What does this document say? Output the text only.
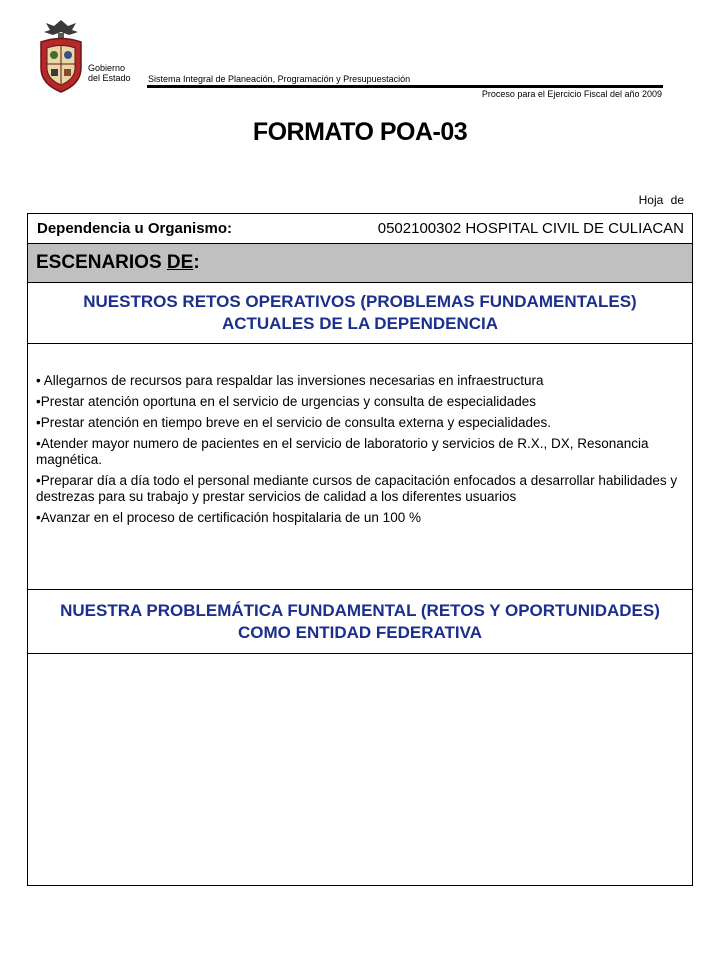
Gobierno
del Estado Sistema Integral de Planeación, Programación y Presupuestación
Proceso para el Ejercicio Fiscal del año 2009
FORMATO POA-03
Hoja de
Dependencia u Organismo:	0502100302 HOSPITAL CIVIL DE CULIACAN
ESCENARIOS DE :
NUESTROS RETOS OPERATIVOS (PROBLEMAS FUNDAMENTALES) ACTUALES DE LA DEPENDENCIA
• Allegarnos de recursos para respaldar las inversiones necesarias en infraestructura
•Prestar atención oportuna en el servicio de urgencias y consulta de especialidades
•Prestar atención en tiempo breve en el servicio de consulta externa y especialidades.
•Atender mayor numero de pacientes en el servicio de laboratorio y servicios de R.X., DX, Resonancia magnética.
•Preparar día a día todo el personal mediante cursos de capacitación enfocados a desarrollar habilidades y destrezas para su trabajo y prestar servicios de calidad a los diferentes usuarios
•Avanzar en el proceso de certificación hospitalaria de un 100 %
NUESTRA PROBLEMÁTICA FUNDAMENTAL (RETOS Y OPORTUNIDADES) COMO ENTIDAD FEDERATIVA
